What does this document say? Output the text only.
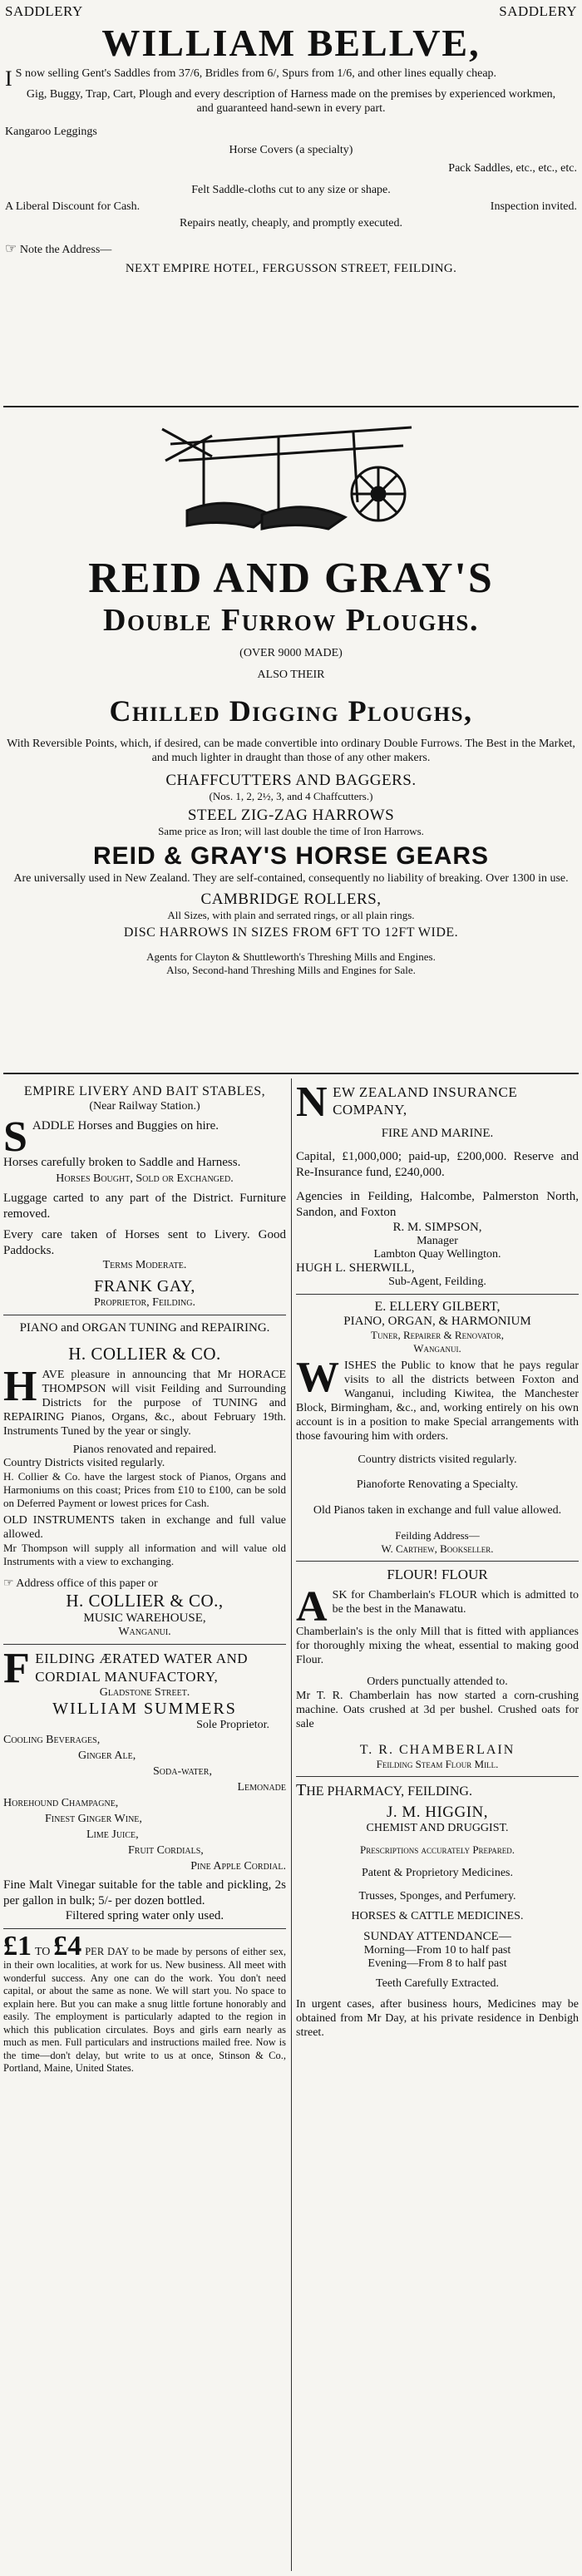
SADDLERY	SADDLERY

WILLIAM BELLVE,

I S now selling Gent's Saddles from 37/6, Bridles from 6/, Spurs from 1/6, and other lines equally cheap.

Gig, Buggy, Trap, Cart, Plough and every description of Harness made on the premises by experienced workmen, and guaranteed hand-sewn in every part.

Kangaroo Leggings

Horse Covers (a specialty)

Pack Saddles, etc., etc., etc.

Felt Saddle-cloths cut to any size or shape.

A Liberal Discount for Cash.	Inspection invited.

Repairs neatly, cheaply, and promptly executed.

☞ Note the Address—

NEXT EMPIRE HOTEL, FERGUSSON STREET, FEILDING.

REID AND GRAY'S

Double Furrow Ploughs.

(OVER 9000 MADE)

ALSO THEIR

Chilled Digging Ploughs,

With Reversible Points, which, if desired, can be made convertible into ordinary Double Furrows. The Best in the Market, and much lighter in draught than those of any other makers.

CHAFFCUTTERS AND BAGGERS.

(Nos. 1, 2, 2½, 3, and 4 Chaffcutters.)

STEEL ZIG-ZAG HARROWS

Same price as Iron; will last double the time of Iron Harrows.

REID & GRAY'S HORSE GEARS

Are universally used in New Zealand. They are self-contained, consequently no liability of breaking. Over 1300 in use.

CAMBRIDGE ROLLERS,

All Sizes, with plain and serrated rings, or all plain rings.

DISC HARROWS IN SIZES FROM 6FT TO 12FT WIDE.

Agents for Clayton & Shuttleworth's Threshing Mills and Engines.

Also, Second-hand Threshing Mills and Engines for Sale.

EMPIRE LIVERY AND BAIT STABLES,

(Near Railway Station.)

SADDLE Horses and Buggies on hire.

Horses carefully broken to Saddle and Harness.

Horses Bought, Sold or Exchanged.

Luggage carted to any part of the District. Furniture removed.

Every care taken of Horses sent to Livery. Good Paddocks.

Terms Moderate.

FRANK GAY,

Proprietor, Feilding.

PIANO and ORGAN TUNING and REPAIRING.

H. COLLIER & CO.

HAVE pleasure in announcing that Mr HORACE THOMPSON will visit Feilding and Surrounding Districts for the purpose of TUNING and REPAIRING Pianos, Organs, &c., about February 19th. Instruments Tuned by the year or singly.

Pianos renovated and repaired.

Country Districts visited regularly.

H. Collier & Co. have the largest stock of Pianos, Organs and Harmoniums on this coast; Prices from £10 to £100, can be sold on Deferred Payment or lowest prices for Cash.

OLD INSTRUMENTS taken in exchange and full value allowed.

Mr Thompson will supply all information and will value old Instruments with a view to exchanging.

☞ Address office of this paper or

H. COLLIER & CO.,

MUSIC WAREHOUSE,

Wanganui.

FEILDING ÆRATED WATER AND CORDIAL MANUFACTORY,

Gladstone Street.

WILLIAM SUMMERS

Sole Proprietor.

Cooling Beverages,

Ginger Ale,

Soda-water,

Lemonade

Horehound Champagne,

Finest Ginger Wine,

Lime Juice,

Fruit Cordials,

Pine Apple Cordial.

Fine Malt Vinegar suitable for the table and pickling, 2s per gallon in bulk; 5/- per dozen bottled.

Filtered spring water only used.

£1 TO £4 PER DAY to be made by persons of either sex, in their own localities, at work for us. New business. All meet with wonderful success. Any one can do the work. You don't need capital, or about the same as none. We will start you. No space to explain here. But you can make a snug little fortune honorably and easily. The employment is particularly adapted to the region in which this publication circulates. Boys and girls earn nearly as much as men. Full particulars and instructions mailed free. Now is the time—don't delay, but write to us at once, Stinson & Co., Portland, Maine, United States.

NEW ZEALAND INSURANCE COMPANY,

FIRE AND MARINE.

Capital, £1,000,000; paid-up, £200,000. Reserve and Re-Insurance fund, £240,000.

Agencies in Feilding, Halcombe, Palmerston North, Sandon, and Foxton

R. M. SIMPSON,

Manager

Lambton Quay Wellington.

HUGH L. SHERWILL,

Sub-Agent, Feilding.

E. ELLERY GILBERT,

PIANO, ORGAN, & HARMONIUM

Tuner, Repairer & Renovator,

Wanganui.

WISHES the Public to know that he pays regular visits to all the districts between Foxton and Wanganui, including Kiwitea, the Manchester Block, Birmingham, &c., and, working entirely on his own account is in a position to make Special arrangements with those favouring him with orders.

Country districts visited regularly.

Pianoforte Renovating a Specialty.

Old Pianos taken in exchange and full value allowed.

Feilding Address—

W. Carthew, Bookseller.

FLOUR! FLOUR

ASK for Chamberlain's FLOUR which is admitted to be the best in the Manawatu.

Chamberlain's is the only Mill that is fitted with appliances for thoroughly mixing the wheat, essential to making good Flour.

Orders punctually attended to.

Mr T. R. Chamberlain has now started a corn-crushing machine. Oats crushed at 3d per bushel. Crushed oats for sale

T. R. CHAMBERLAIN

Feilding Steam Flour Mill.

THE PHARMACY, FEILDING.

J. M. HIGGIN,

CHEMIST AND DRUGGIST.

Prescriptions accurately Prepared.

Patent & Proprietory Medicines.

Trusses, Sponges, and Perfumery.

HORSES & CATTLE MEDICINES.

SUNDAY ATTENDANCE—

Morning—From 10 to half past

Evening—From 8 to half past

Teeth Carefully Extracted.

In urgent cases, after business hours, Medicines may be obtained from Mr Day, at his private residence in Denbigh street.
